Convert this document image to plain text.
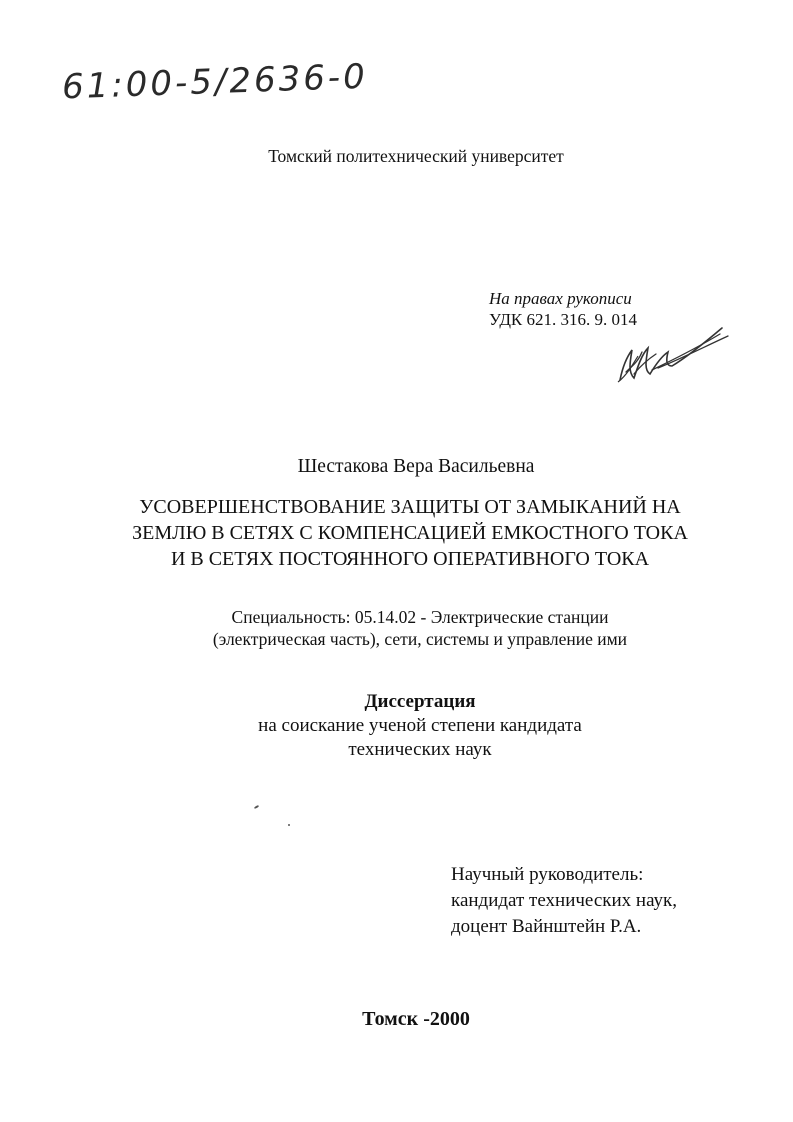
61:00-5/2636-0
Томский политехнический университет
На правах рукописи
УДК 621. 316. 9. 014
Шестакова Вера Васильевна
УСОВЕРШЕНСТВОВАНИЕ ЗАЩИТЫ ОТ ЗАМЫКАНИЙ НА
ЗЕМЛЮ В СЕТЯХ С КОМПЕНСАЦИЕЙ ЕМКОСТНОГО ТОКА
И В СЕТЯХ ПОСТОЯННОГО ОПЕРАТИВНОГО ТОКА
Специальность: 05.14.02 - Электрические станции
(электрическая часть), сети, системы и управление ими
Диссертация
на соискание ученой степени кандидата
технических наук
Научный руководитель:
кандидат технических наук,
доцент Вайнштейн Р.А.
Томск -2000
